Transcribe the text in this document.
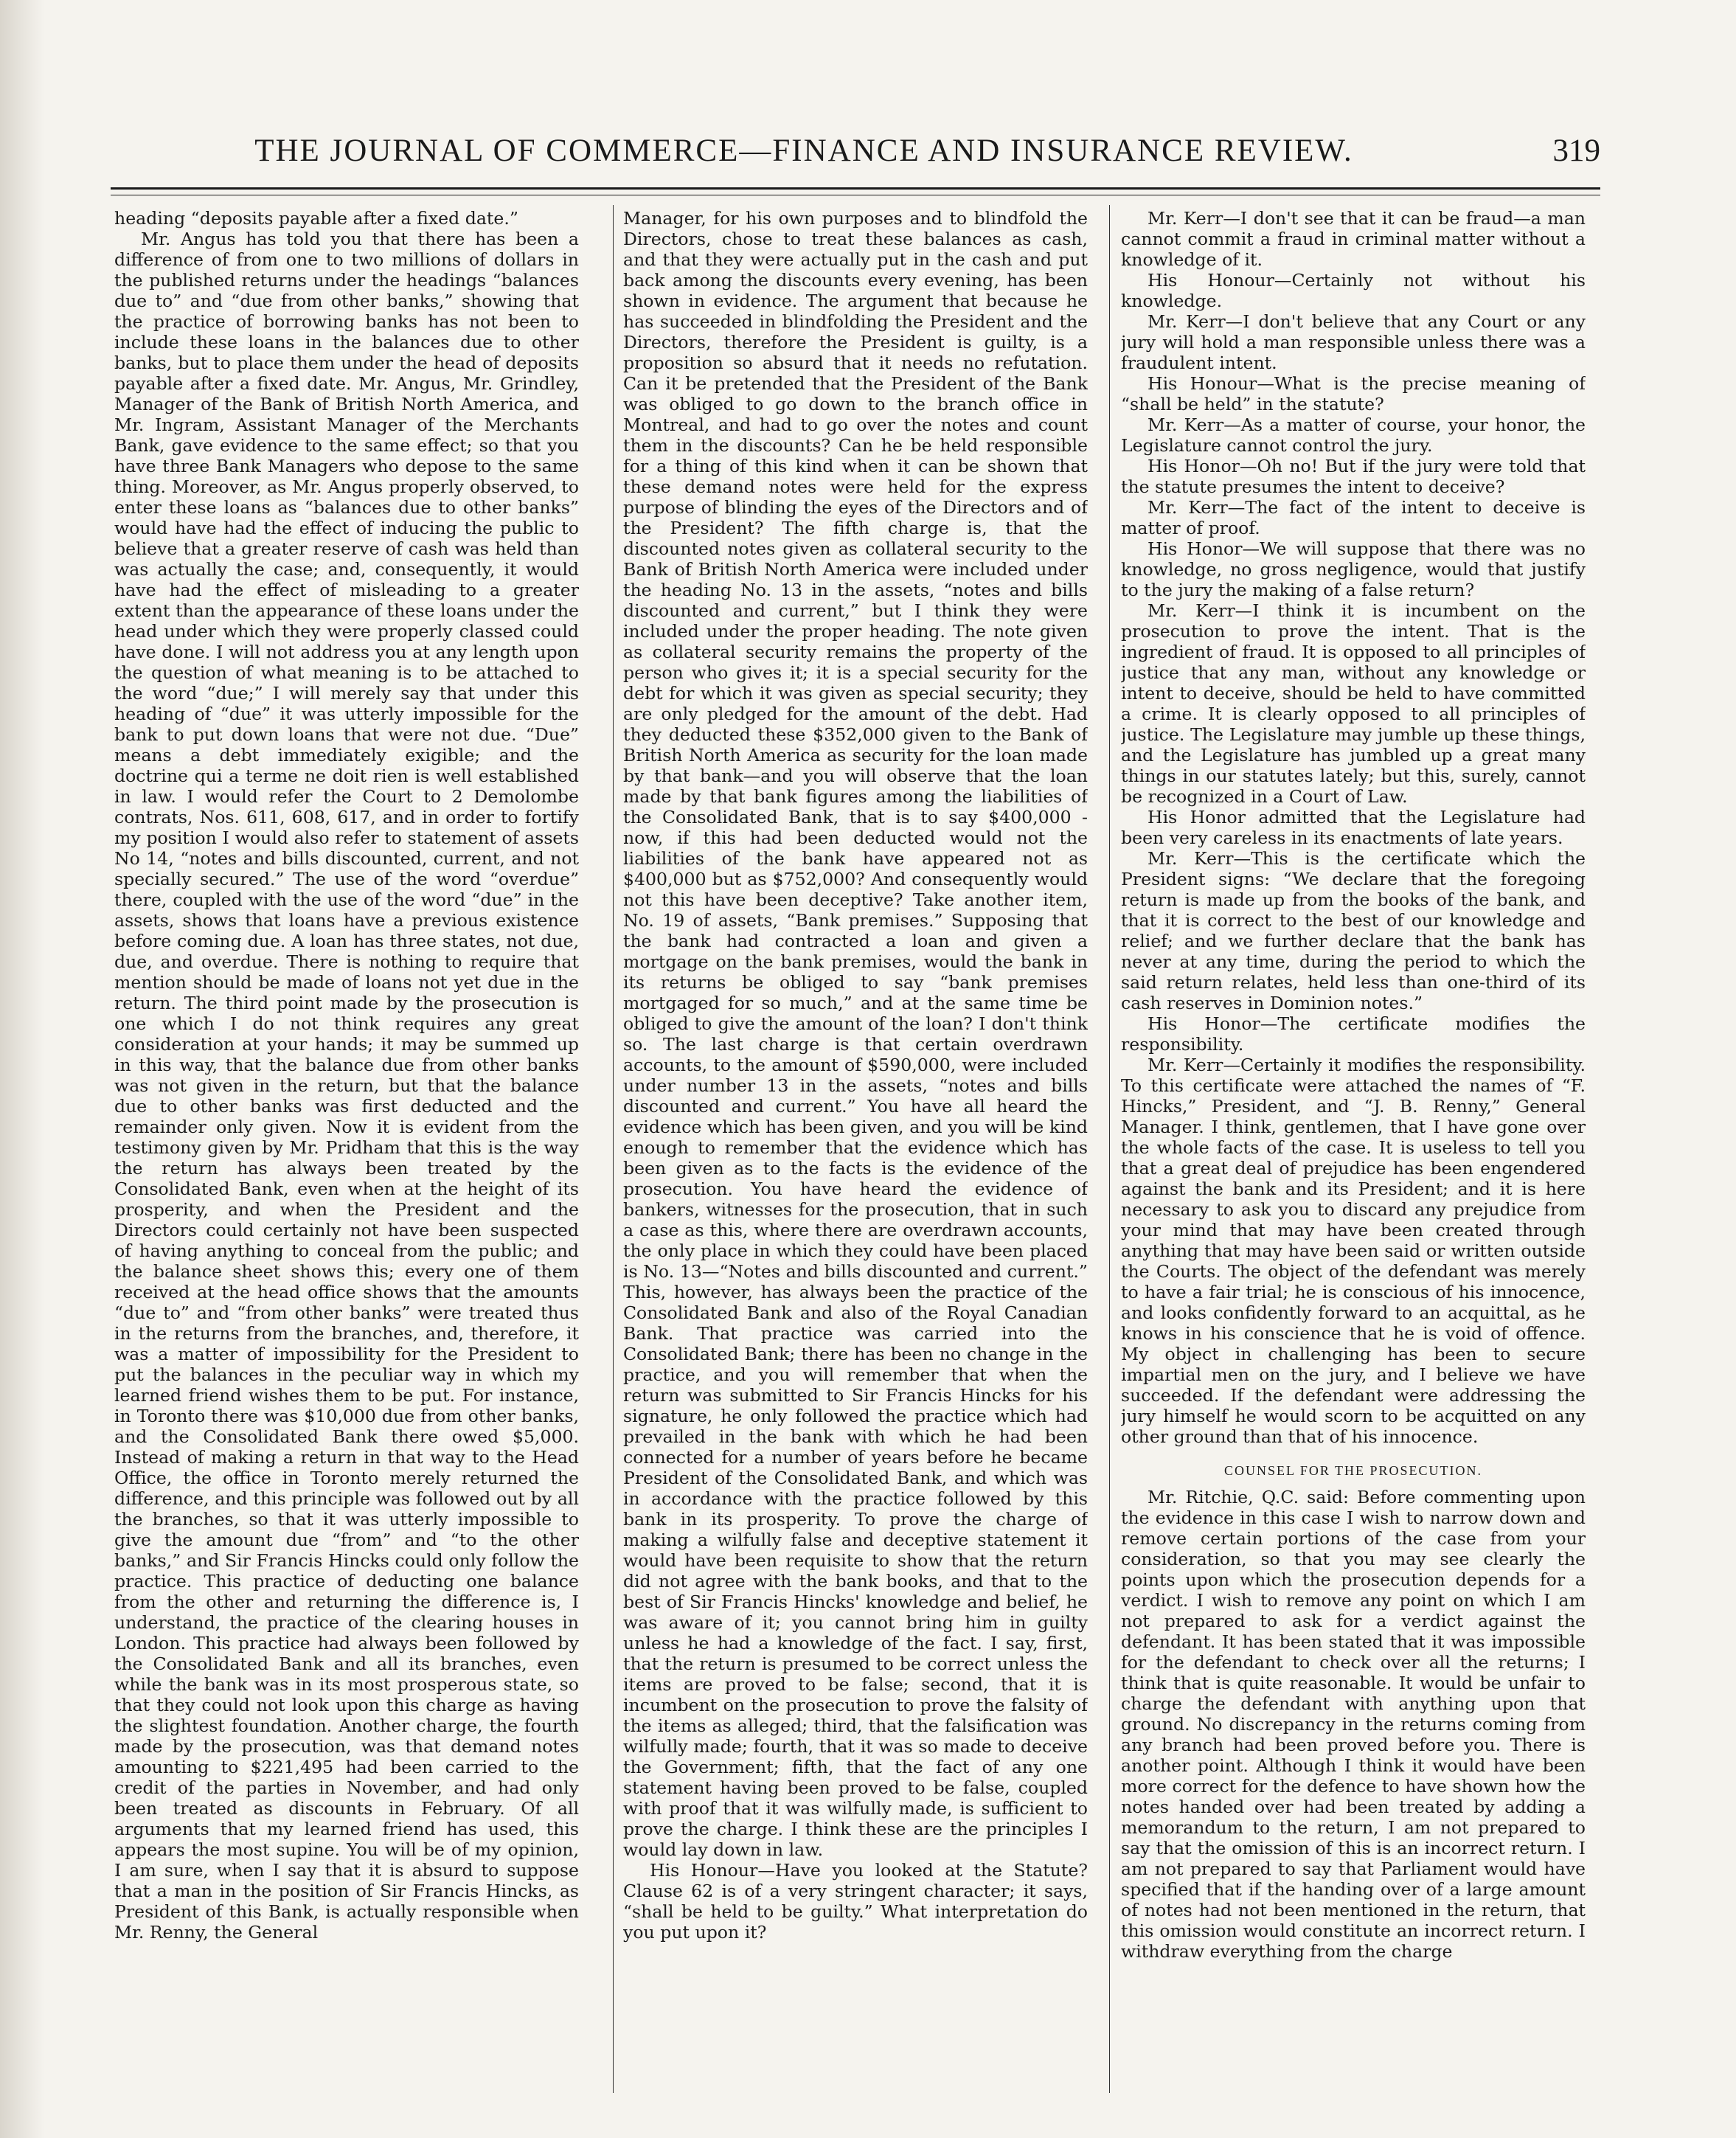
THE JOURNAL OF COMMERCE—FINANCE AND INSURANCE REVIEW.	319

heading “deposits payable after a fixed date.”

Mr. Angus has told you that there has been a difference of from one to two millions of dollars in the published returns under the headings “balances due to” and “due from other banks,” showing that the practice of borrowing banks has not been to include these loans in the balances due to other banks, but to place them under the head of deposits payable after a fixed date. Mr. Angus, Mr. Grindley, Manager of the Bank of British North America, and Mr. Ingram, Assistant Manager of the Merchants Bank, gave evidence to the same effect; so that you have three Bank Managers who depose to the same thing. Moreover, as Mr. Angus properly observed, to enter these loans as “balances due to other banks” would have had the effect of inducing the public to believe that a greater reserve of cash was held than was actually the case; and, consequently, it would have had the effect of misleading to a greater extent than the appearance of these loans under the head under which they were properly classed could have done. I will not address you at any length upon the question of what meaning is to be attached to the word “due;” I will merely say that under this heading of “due” it was utterly impossible for the bank to put down loans that were not due. “Due” means a debt immediately exigible; and the doctrine qui a terme ne doit rien is well established in law. I would refer the Court to 2 Demolombe contrats, Nos. 611, 608, 617, and in order to fortify my position I would also refer to statement of assets No 14, “notes and bills discounted, current, and not specially secured.” The use of the word “overdue” there, coupled with the use of the word “due” in the assets, shows that loans have a previous existence before coming due. A loan has three states, not due, due, and overdue. There is nothing to require that mention should be made of loans not yet due in the return. The third point made by the prosecution is one which I do not think requires any great consideration at your hands; it may be summed up in this way, that the balance due from other banks was not given in the return, but that the balance due to other banks was first deducted and the remainder only given. Now it is evident from the testimony given by Mr. Pridham that this is the way the return has always been treated by the Consolidated Bank, even when at the height of its prosperity, and when the President and the Directors could certainly not have been suspected of having anything to conceal from the public; and the balance sheet shows this; every one of them received at the head office shows that the amounts “due to” and “from other banks” were treated thus in the returns from the branches, and, therefore, it was a matter of impossibility for the President to put the balances in the peculiar way in which my learned friend wishes them to be put. For instance, in Toronto there was $10,000 due from other banks, and the Consolidated Bank there owed $5,000. Instead of making a return in that way to the Head Office, the office in Toronto merely returned the difference, and this principle was followed out by all the branches, so that it was utterly impossible to give the amount due “from” and “to the other banks,” and Sir Francis Hincks could only follow the practice. This practice of deducting one balance from the other and returning the difference is, I understand, the practice of the clearing houses in London. This practice had always been followed by the Consolidated Bank and all its branches, even while the bank was in its most prosperous state, so that they could not look upon this charge as having the slightest foundation. Another charge, the fourth made by the prosecution, was that demand notes amounting to $221,495 had been carried to the credit of the parties in November, and had only been treated as discounts in February. Of all arguments that my learned friend has used, this appears the most supine. You will be of my opinion, I am sure, when I say that it is absurd to suppose that a man in the position of Sir Francis Hincks, as President of this Bank, is actually responsible when Mr. Renny, the General

Manager, for his own purposes and to blindfold the Directors, chose to treat these balances as cash, and that they were actually put in the cash and put back among the discounts every evening, has been shown in evidence. The argument that because he has succeeded in blindfolding the President and the Directors, therefore the President is guilty, is a proposition so absurd that it needs no refutation. Can it be pretended that the President of the Bank was obliged to go down to the branch office in Montreal, and had to go over the notes and count them in the discounts? Can he be held responsible for a thing of this kind when it can be shown that these demand notes were held for the express purpose of blinding the eyes of the Directors and of the President? The fifth charge is, that the discounted notes given as collateral security to the Bank of British North America were included under the heading No. 13 in the assets, “notes and bills discounted and current,” but I think they were included under the proper heading. The note given as collateral security remains the property of the person who gives it; it is a special security for the debt for which it was given as special security; they are only pledged for the amount of the debt. Had they deducted these $352,000 given to the Bank of British North America as security for the loan made by that bank—and you will observe that the loan made by that bank figures among the liabilities of the Consolidated Bank, that is to say $400,000 - now, if this had been deducted would not the liabilities of the bank have appeared not as $400,000 but as $752,000? And consequently would not this have been deceptive? Take another item, No. 19 of assets, “Bank premises.” Supposing that the bank had contracted a loan and given a mortgage on the bank premises, would the bank in its returns be obliged to say “bank premises mortgaged for so much,” and at the same time be obliged to give the amount of the loan? I don't think so. The last charge is that certain overdrawn accounts, to the amount of $590,000, were included under number 13 in the assets, “notes and bills discounted and current.” You have all heard the evidence which has been given, and you will be kind enough to remember that the evidence which has been given as to the facts is the evidence of the prosecution. You have heard the evidence of bankers, witnesses for the prosecution, that in such a case as this, where there are overdrawn accounts, the only place in which they could have been placed is No. 13—“Notes and bills discounted and current.” This, however, has always been the practice of the Consolidated Bank and also of the Royal Canadian Bank. That practice was carried into the Consolidated Bank; there has been no change in the practice, and you will remember that when the return was submitted to Sir Francis Hincks for his signature, he only followed the practice which had prevailed in the bank with which he had been connected for a number of years before he became President of the Consolidated Bank, and which was in accordance with the practice followed by this bank in its prosperity. To prove the charge of making a wilfully false and deceptive statement it would have been requisite to show that the return did not agree with the bank books, and that to the best of Sir Francis Hincks' knowledge and belief, he was aware of it; you cannot bring him in guilty unless he had a knowledge of the fact. I say, first, that the return is presumed to be correct unless the items are proved to be false; second, that it is incumbent on the prosecution to prove the falsity of the items as alleged; third, that the falsification was wilfully made; fourth, that it was so made to deceive the Government; fifth, that the fact of any one statement having been proved to be false, coupled with proof that it was wilfully made, is sufficient to prove the charge. I think these are the principles I would lay down in law.

His Honour—Have you looked at the Statute? Clause 62 is of a very stringent character; it says, “shall be held to be guilty.” What interpretation do you put upon it?

Mr. Kerr—I don't see that it can be fraud—a man cannot commit a fraud in criminal matter without a knowledge of it.

His Honour—Certainly not without his knowledge.

Mr. Kerr—I don't believe that any Court or any jury will hold a man responsible unless there was a fraudulent intent.

His Honour—What is the precise meaning of “shall be held” in the statute?

Mr. Kerr—As a matter of course, your honor, the Legislature cannot control the jury.

His Honor—Oh no! But if the jury were told that the statute presumes the intent to deceive?

Mr. Kerr—The fact of the intent to deceive is matter of proof.

His Honor—We will suppose that there was no knowledge, no gross negligence, would that justify to the jury the making of a false return?

Mr. Kerr—I think it is incumbent on the prosecution to prove the intent. That is the ingredient of fraud. It is opposed to all principles of justice that any man, without any knowledge or intent to deceive, should be held to have committed a crime. It is clearly opposed to all principles of justice. The Legislature may jumble up these things, and the Legislature has jumbled up a great many things in our statutes lately; but this, surely, cannot be recognized in a Court of Law.

His Honor admitted that the Legislature had been very careless in its enactments of late years.

Mr. Kerr—This is the certificate which the President signs: “We declare that the foregoing return is made up from the books of the bank, and that it is correct to the best of our knowledge and relief; and we further declare that the bank has never at any time, during the period to which the said return relates, held less than one-third of its cash reserves in Dominion notes.”

His Honor—The certificate modifies the responsibility.

Mr. Kerr—Certainly it modifies the responsibility. To this certificate were attached the names of “F. Hincks,” President, and “J. B. Renny,” General Manager. I think, gentlemen, that I have gone over the whole facts of the case. It is useless to tell you that a great deal of prejudice has been engendered against the bank and its President; and it is here necessary to ask you to discard any prejudice from your mind that may have been created through anything that may have been said or written outside the Courts. The object of the defendant was merely to have a fair trial; he is conscious of his innocence, and looks confidently forward to an acquittal, as he knows in his conscience that he is void of offence. My object in challenging has been to secure impartial men on the jury, and I believe we have succeeded. If the defendant were addressing the jury himself he would scorn to be acquitted on any other ground than that of his innocence.

COUNSEL FOR THE PROSECUTION.

Mr. Ritchie, Q.C. said: Before commenting upon the evidence in this case I wish to narrow down and remove certain portions of the case from your consideration, so that you may see clearly the points upon which the prosecution depends for a verdict. I wish to remove any point on which I am not prepared to ask for a verdict against the defendant. It has been stated that it was impossible for the defendant to check over all the returns; I think that is quite reasonable. It would be unfair to charge the defendant with anything upon that ground. No discrepancy in the returns coming from any branch had been proved before you. There is another point. Although I think it would have been more correct for the defence to have shown how the notes handed over had been treated by adding a memorandum to the return, I am not prepared to say that the omission of this is an incorrect return. I am not prepared to say that Parliament would have specified that if the handing over of a large amount of notes had not been mentioned in the return, that this omission would constitute an incorrect return. I withdraw everything from the charge
